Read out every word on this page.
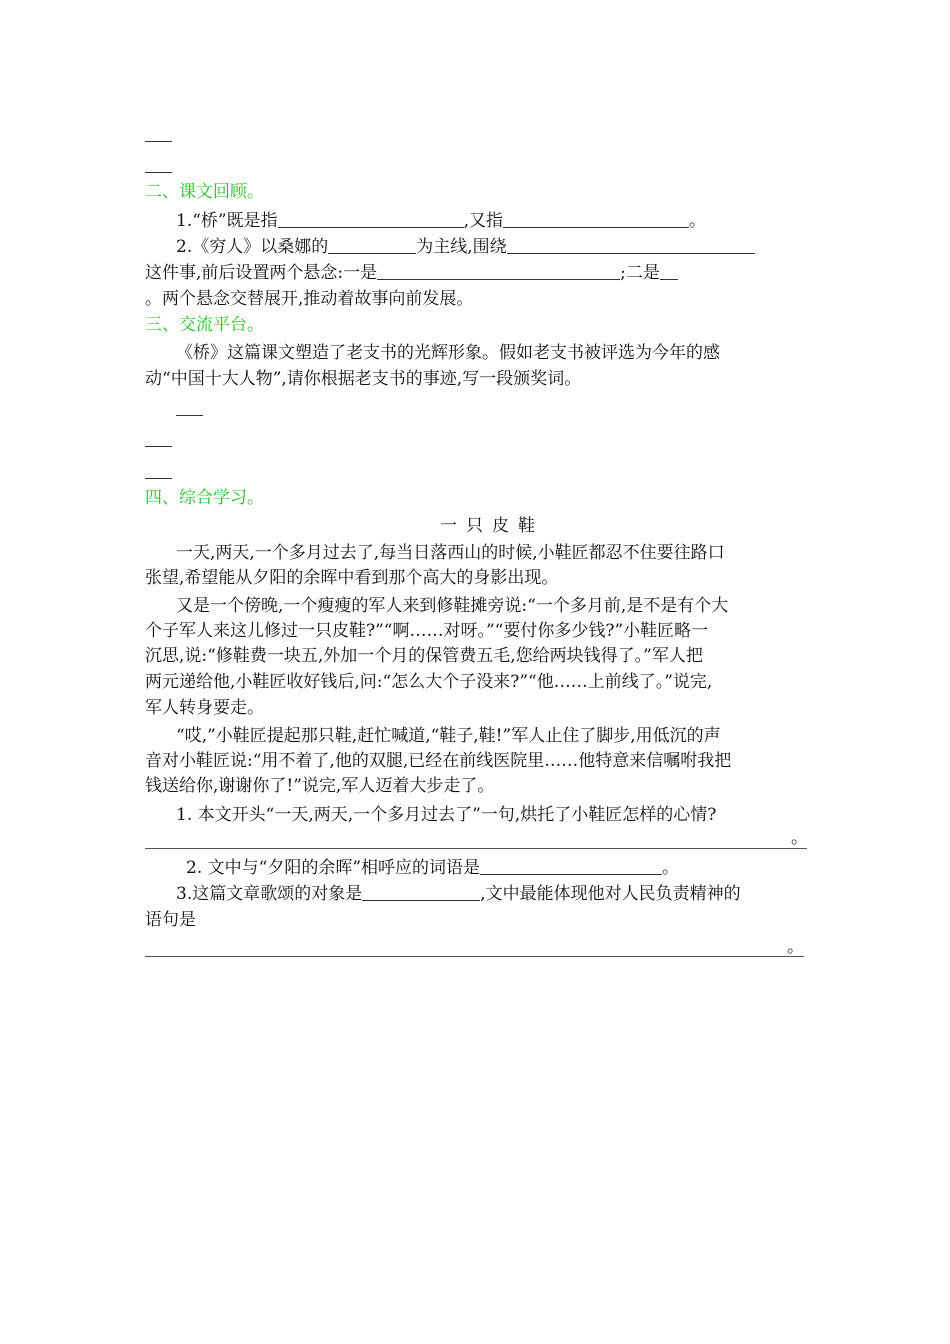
二、课文回顾。
1.“桥”既是指	,又指	。
2.《穷人》以桑娜的	为主线,围绕
这件事,前后设置两个悬念:一是	;二是
。两个悬念交替展开,推动着故事向前发展。
三、交流平台。
《桥》这篇课文塑造了老支书的光辉形象。假如老支书被评选为今年的感
动“中国十大人物”,请你根据老支书的事迹,写一段颁奖词。
四、综合学习。
一只皮鞋
一天,两天,一个多月过去了,每当日落西山的时候,小鞋匠都忍不住要往路口
张望,希望能从夕阳的余晖中看到那个高大的身影出现。
又是一个傍晚,一个瘦瘦的军人来到修鞋摊旁说:“一个多月前,是不是有个大
个子军人来这儿修过一只皮鞋?”“啊……对呀。”“要付你多少钱?”小鞋匠略一
沉思,说:“修鞋费一块五,外加一个月的保管费五毛,您给两块钱得了。”军人把
两元递给他,小鞋匠收好钱后,问:“怎么大个子没来?”“他……上前线了。”说完,
军人转身要走。
“哎,”小鞋匠提起那只鞋,赶忙喊道,“鞋子,鞋!”军人止住了脚步,用低沉的声
音对小鞋匠说:“用不着了,他的双腿,已经在前线医院里……他特意来信嘱咐我把
钱送给你,谢谢你了!”说完,军人迈着大步走了。
1. 本文开头“一天,两天,一个多月过去了”一句,烘托了小鞋匠怎样的心情?
。
2. 文中与“夕阳的余晖”相呼应的词语是	。
3.这篇文章歌颂的对象是	,文中最能体现他对人民负责精神的
语句是
。
